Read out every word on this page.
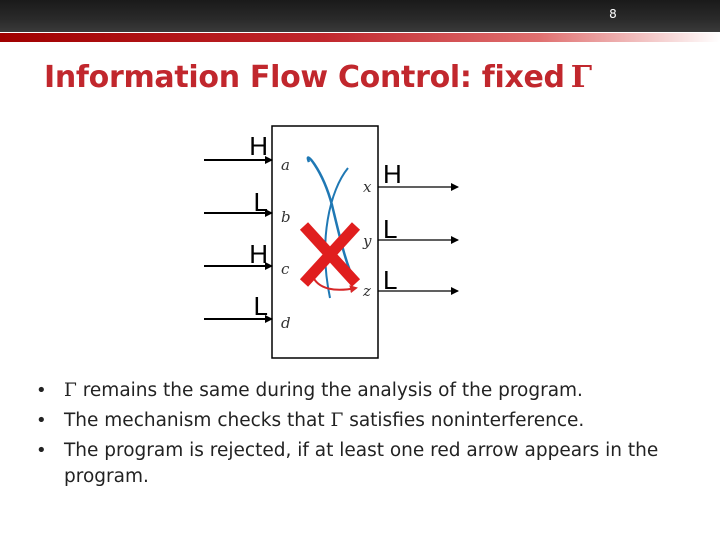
8
Information Flow Control: fixed Γ
H
L
H
L
a
b
c
d
x
y
z
H
L
L
• Γ remains the same during the analysis of the program.
• The mechanism checks that Γ satisfies noninterference.
• The program is rejected, if at least one red arrow appears in the program.
